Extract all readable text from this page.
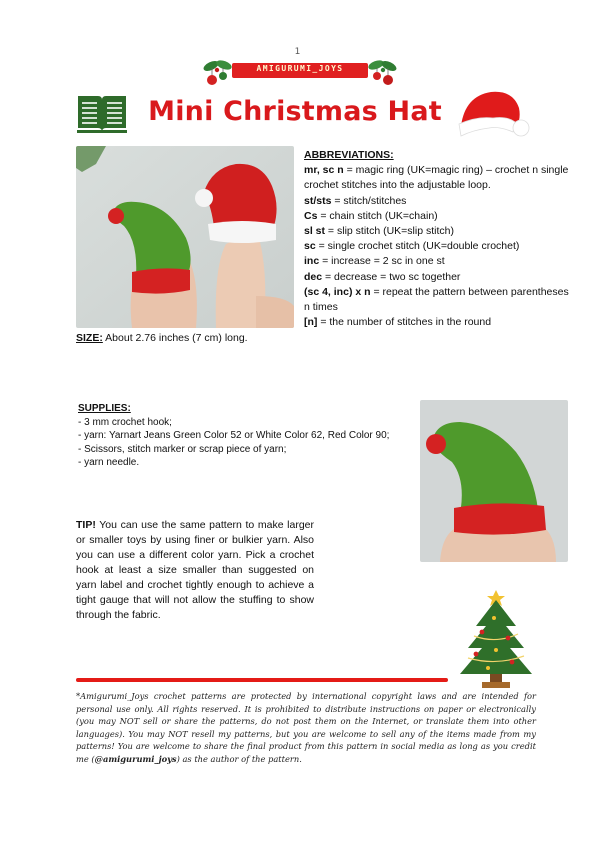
1
AMIGURUMI_JOYS
Mini Christmas Hat
ABBREVIATIONS:
mr, sc n = magic ring (UK=magic ring) – crochet n single crochet stitches into the adjustable loop.
st/sts = stitch/stitches
Cs = chain stitch (UK=chain)
sl st = slip stitch (UK=slip stitch)
sc = single crochet stitch (UK=double crochet)
inc = increase = 2 sc in one st
dec = decrease = two sc together
(sc 4, inc) x n = repeat the pattern between parentheses n times
[n] = the number of stitches in the round
SIZE: About 2.76 inches (7 cm) long.
SUPPLIES:
- 3 mm crochet hook;
- yarn: Yarnart Jeans Green Color 52 or White Color 62, Red Color 90;
- Scissors, stitch marker or scrap piece of yarn;
- yarn needle.
TIP! You can use the same pattern to make larger or smaller toys by using finer or bulkier yarn. Also you can use a different color yarn. Pick a crochet hook at least a size smaller than suggested on yarn label and crochet tightly enough to achieve a tight gauge that will not allow the stuffing to show through the fabric.
*Amigurumi_Joys crochet patterns are protected by international copyright laws and are intended for personal use only. All rights reserved. It is prohibited to distribute instructions on paper or electronically (you may NOT sell or share the patterns, do not post them on the Internet, or translate them into other languages). You may NOT resell my patterns, but you are welcome to sell any of the items made from my patterns! You are welcome to share the final product from this pattern in social media as long as you credit me (@amigurumi_joys) as the author of the pattern.
